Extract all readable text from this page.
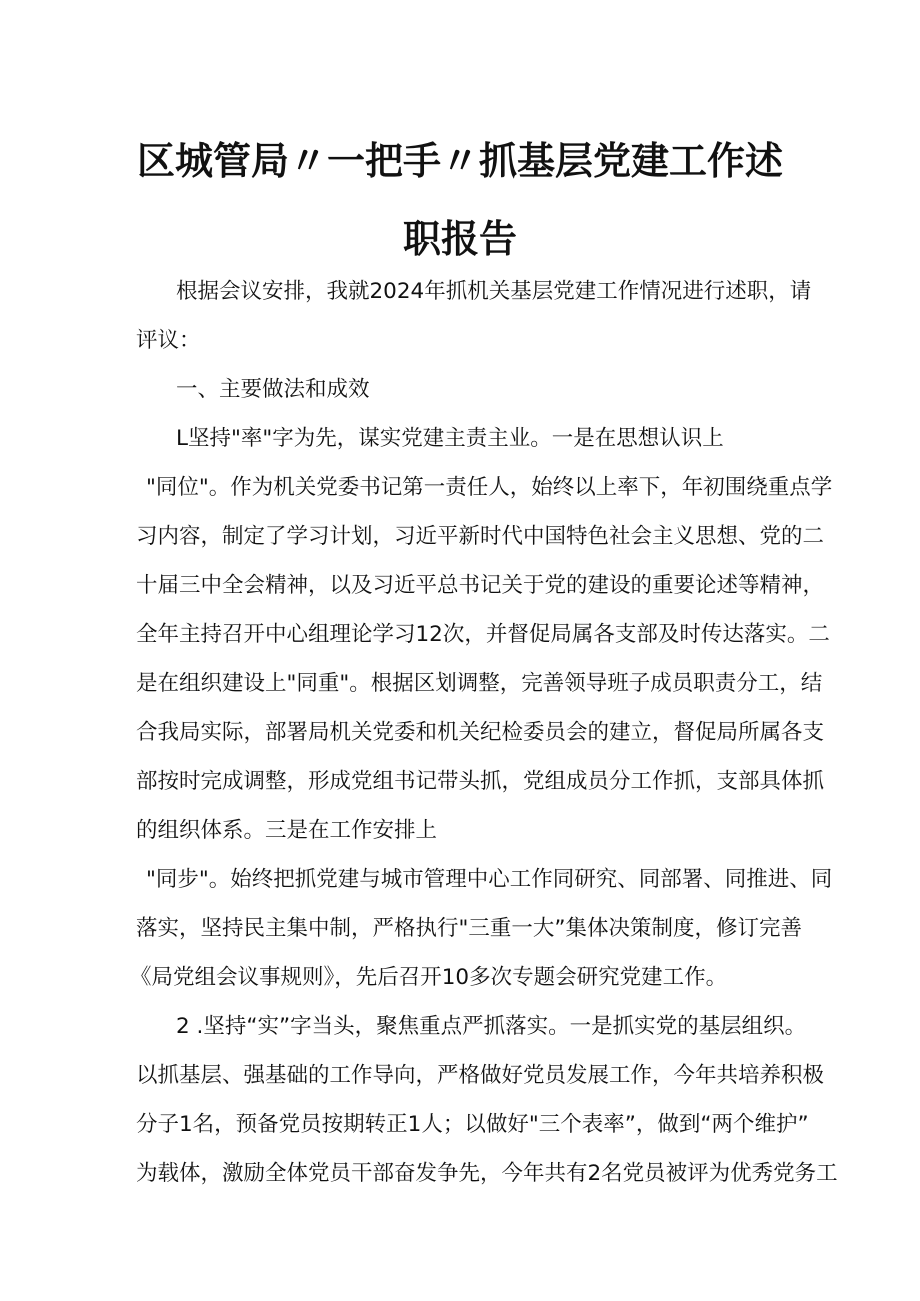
区城管局〃一把手〃抓基层党建工作述
职报告
根据会议安排，我就2024年抓机关基层党建工作情况进行述职，请
评议：
一、主要做法和成效
L坚持"率"字为先，谋实党建主责主业。一是在思想认识上
"同位"。作为机关党委书记第一责任人，始终以上率下，年初围绕重点学
习内容，制定了学习计划，习近平新时代中国特色社会主义思想、党的二
十届三中全会精神，以及习近平总书记关于党的建设的重要论述等精神，
全年主持召开中心组理论学习12次，并督促局属各支部及时传达落实。二
是在组织建设上"同重"。根据区划调整，完善领导班子成员职责分工，结
合我局实际，部署局机关党委和机关纪检委员会的建立，督促局所属各支
部按时完成调整，形成党组书记带头抓，党组成员分工作抓，支部具体抓
的组织体系。三是在工作安排上
"同步"。始终把抓党建与城市管理中心工作同研究、同部署、同推进、同
落实，坚持民主集中制，严格执行"三重一大”集体决策制度，修订完善
《局党组会议事规则》，先后召开10多次专题会研究党建工作。
2 .坚持“实”字当头，聚焦重点严抓落实。一是抓实党的基层组织。
以抓基层、强基础的工作导向，严格做好党员发展工作，今年共培养积极
分子1名，预备党员按期转正1人；以做好"三个表率”，做到“两个维护”
为载体，激励全体党员干部奋发争先，今年共有2名党员被评为优秀党务工
